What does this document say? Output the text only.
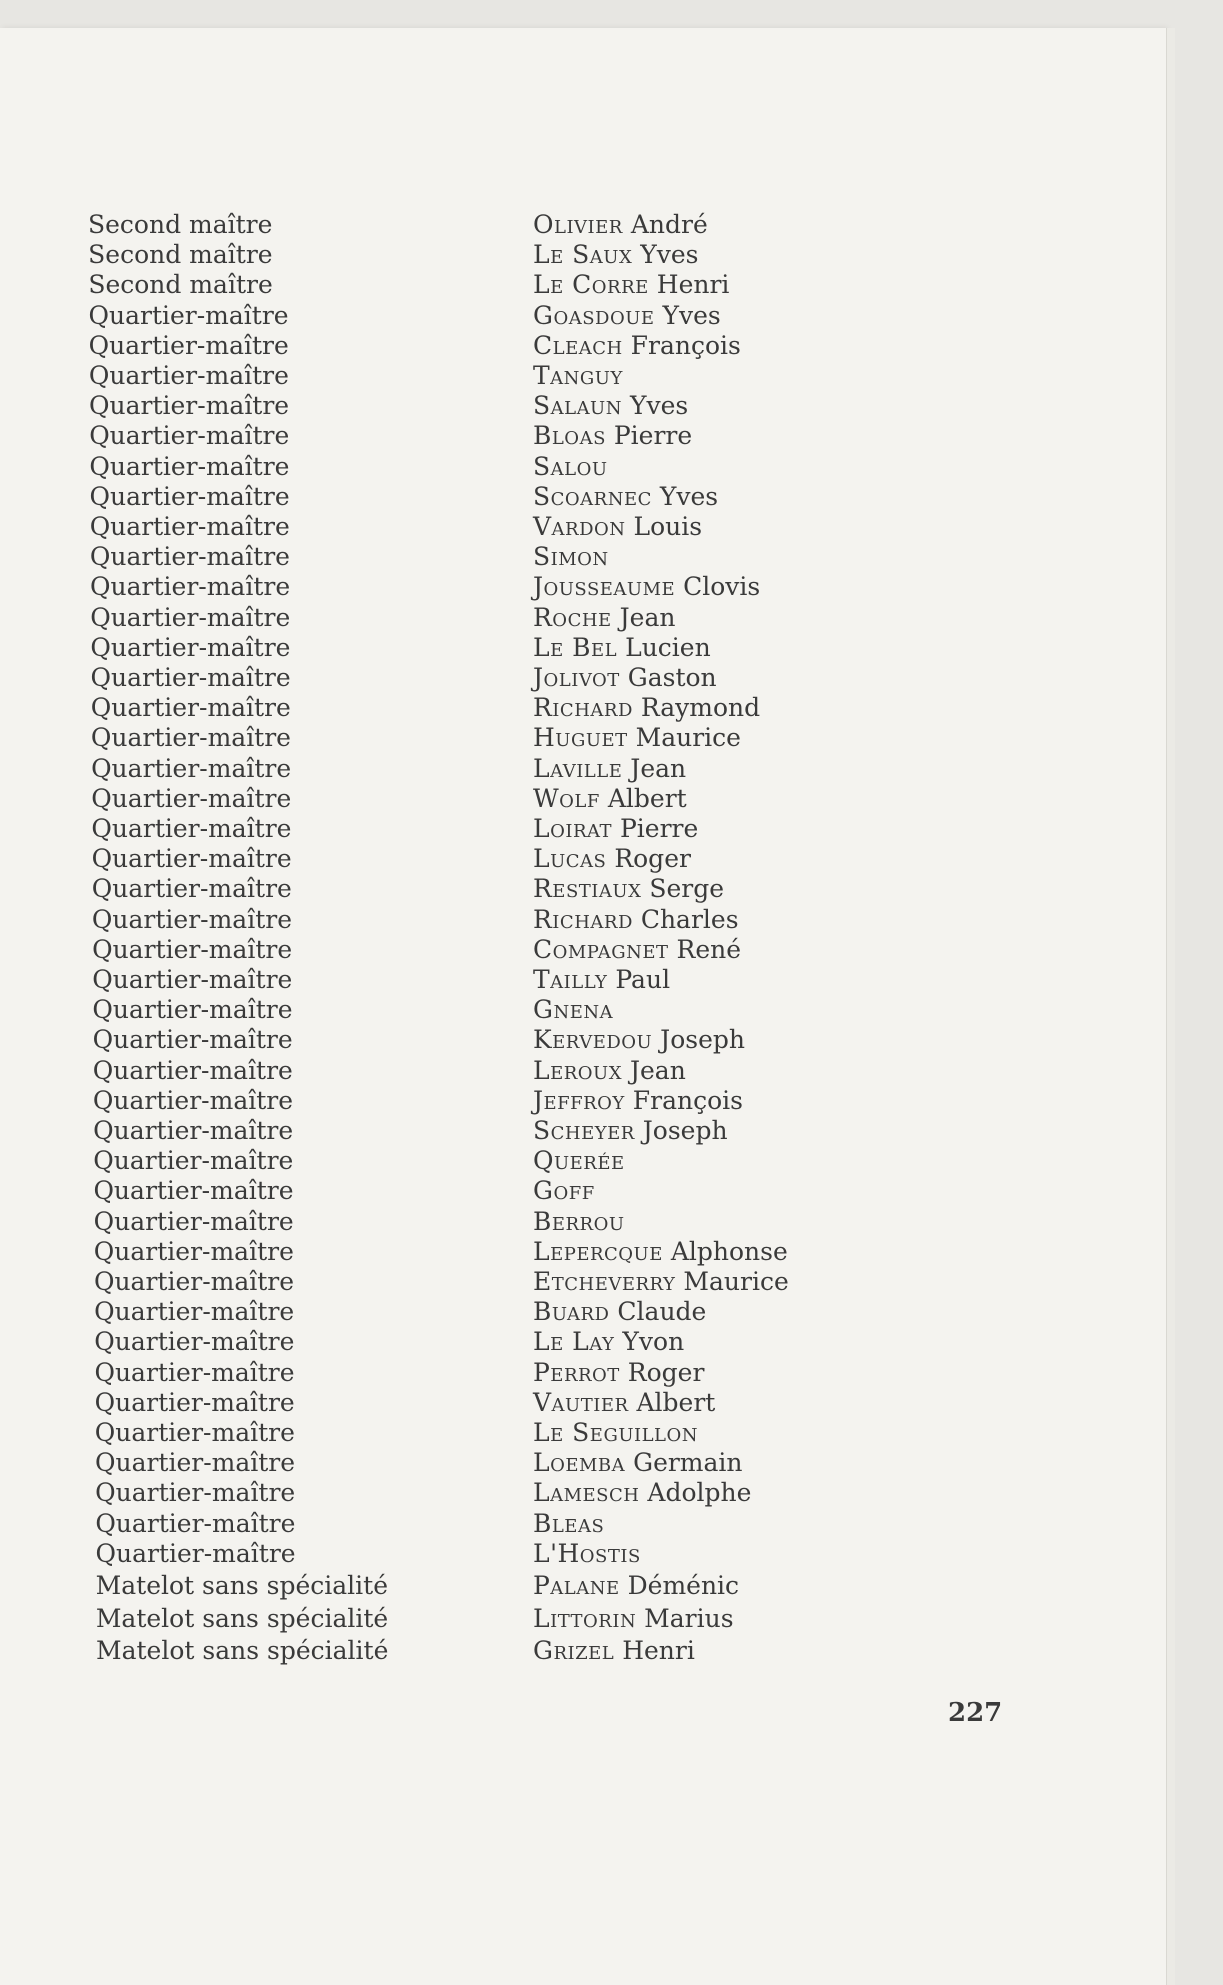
Second maître	Olivier André
Second maître	Le Saux Yves
Second maître	Le Corre Henri
Quartier-maître	Goasdoue Yves
Quartier-maître	Cleach François
Quartier-maître	Tanguy
Quartier-maître	Salaun Yves
Quartier-maître	Bloas Pierre
Quartier-maître	Salou
Quartier-maître	Scoarnec Yves
Quartier-maître	Vardon Louis
Quartier-maître	Simon
Quartier-maître	Jousseaume Clovis
Quartier-maître	Roche Jean
Quartier-maître	Le Bel Lucien
Quartier-maître	Jolivot Gaston
Quartier-maître	Richard Raymond
Quartier-maître	Huguet Maurice
Quartier-maître	Laville Jean
Quartier-maître	Wolf Albert
Quartier-maître	Loirat Pierre
Quartier-maître	Lucas Roger
Quartier-maître	Restiaux Serge
Quartier-maître	Richard Charles
Quartier-maître	Compagnet René
Quartier-maître	Tailly Paul
Quartier-maître	Gnena
Quartier-maître	Kervedou Joseph
Quartier-maître	Leroux Jean
Quartier-maître	Jeffroy François
Quartier-maître	Scheyer Joseph
Quartier-maître	Querée
Quartier-maître	Goff
Quartier-maître	Berrou
Quartier-maître	Lepercque Alphonse
Quartier-maître	Etcheverry Maurice
Quartier-maître	Buard Claude
Quartier-maître	Le Lay Yvon
Quartier-maître	Perrot Roger
Quartier-maître	Vautier Albert
Quartier-maître	Le Seguillon
Quartier-maître	Loemba Germain
Quartier-maître	Lamesch Adolphe
Quartier-maître	Bleas
Quartier-maître	L'Hostis
Matelot sans spécialité	Palane Déménic
Matelot sans spécialité	Littorin Marius
Matelot sans spécialité	Grizel Henri
227
